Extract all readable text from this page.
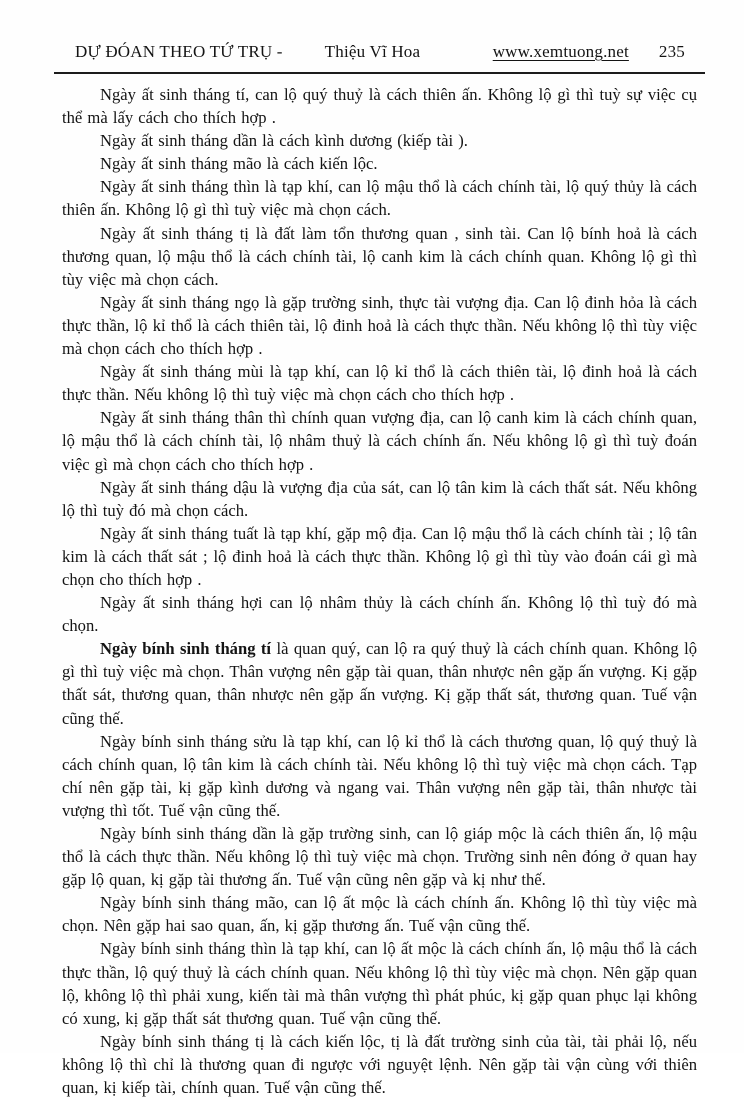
DỰ ĐÓAN THEO TỨ TRỤ - Thiệu Vĩ Hoa	www.xemtuong.net 235

Ngày ất sinh tháng tí, can lộ quý thuỷ là cách thiên ấn. Không lộ gì thì tuỳ sự việc cụ thể mà lấy cách cho thích hợp .

Ngày ất sinh tháng dần là cách kình dương (kiếp tài ).

Ngày ất sinh tháng mão là cách kiến lộc.

Ngày ất sinh tháng thìn là tạp khí, can lộ mậu thổ là cách chính tài, lộ quý thủy là cách thiên ấn. Không lộ gì thì tuỳ việc mà chọn cách.

Ngày ất sinh tháng tị là đất làm tổn thương quan , sinh tài. Can lộ bính hoả là cách thương quan, lộ mậu thổ là cách chính tài, lộ canh kim là cách chính quan. Không lộ gì thì tùy việc mà chọn cách.

Ngày ất sinh tháng ngọ là gặp trường sinh, thực tài vượng địa. Can lộ đinh hỏa là cách thực thần, lộ kỉ thổ là cách thiên tài, lộ đinh hoả là cách thực thần. Nếu không lộ thì tùy việc mà chọn cách cho thích hợp .

Ngày ất sinh tháng mùi là tạp khí, can lộ kỉ thổ là cách thiên tài, lộ đinh hoả là cách thực thần. Nếu không lộ thì tuỳ việc mà chọn cách cho thích hợp .

Ngày ất sinh tháng thân thì chính quan vượng địa, can lộ canh kim là cách chính quan, lộ mậu thổ là cách chính tài, lộ nhâm thuỷ là cách chính ấn. Nếu không lộ gì thì tuỳ đoán việc gì mà chọn cách cho thích hợp .

Ngày ất sinh tháng dậu là vượng địa của sát, can lộ tân kim là cách thất sát. Nếu không lộ thì tuỳ đó mà chọn cách.

Ngày ất sinh tháng tuất là tạp khí, gặp mộ địa. Can lộ mậu thổ là cách chính tài ; lộ tân kim là cách thất sát ; lộ đinh hoả là cách thực thần. Không lộ gì thì tùy vào đoán cái gì mà chọn cho thích hợp .

Ngày ất sinh tháng hợi can lộ nhâm thủy là cách chính ấn. Không lộ thì tuỳ đó mà chọn.

Ngày bính sinh tháng tí là quan quý, can lộ ra quý thuỷ là cách chính quan. Không lộ gì thì tuỳ việc mà chọn. Thân vượng nên gặp tài quan, thân nhược nên gặp ấn vượng. Kị gặp thất sát, thương quan, thân nhược nên gặp ấn vượng. Kị gặp thất sát, thương quan. Tuế vận cũng thế.

Ngày bính sinh tháng sửu là tạp khí, can lộ kỉ thổ là cách thương quan, lộ quý thuỷ là cách chính quan, lộ tân kim là cách chính tài. Nếu không lộ thì tuỳ việc mà chọn cách. Tạp chí nên gặp tài, kị gặp kình dương và ngang vai. Thân vượng nên gặp tài, thân nhược tài vượng thì tốt. Tuế vận cũng thế.

Ngày bính sinh tháng dần là gặp trường sinh, can lộ giáp mộc là cách thiên ấn, lộ mậu thổ là cách thực thần. Nếu không lộ thì tuỳ việc mà chọn. Trường sinh nên đóng ở quan hay gặp lộ quan, kị gặp tài thương ấn. Tuế vận cũng nên gặp và kị như thế.

Ngày bính sinh tháng mão, can lộ ất mộc là cách chính ấn. Không lộ thì tùy việc mà chọn. Nên gặp hai sao quan, ấn, kị gặp thương ấn. Tuế vận cũng thế.

Ngày bính sinh tháng thìn là tạp khí, can lộ ất mộc là cách chính ấn, lộ mậu thổ là cách thực thần, lộ quý thuỷ là cách chính quan. Nếu không lộ thì tùy việc mà chọn. Nên gặp quan lộ, không lộ thì phải xung, kiến tài mà thân vượng thì phát phúc, kị gặp quan phục lại không có xung, kị gặp thất sát thương quan. Tuế vận cũng thế.

Ngày bính sinh tháng tị là cách kiến lộc, tị là đất trường sinh của tài, tài phải lộ, nếu không lộ thì chỉ là thương quan đi ngược với nguyệt lệnh. Nên gặp tài vận cùng với thiên quan, kị kiếp tài, chính quan. Tuế vận cũng thế.
